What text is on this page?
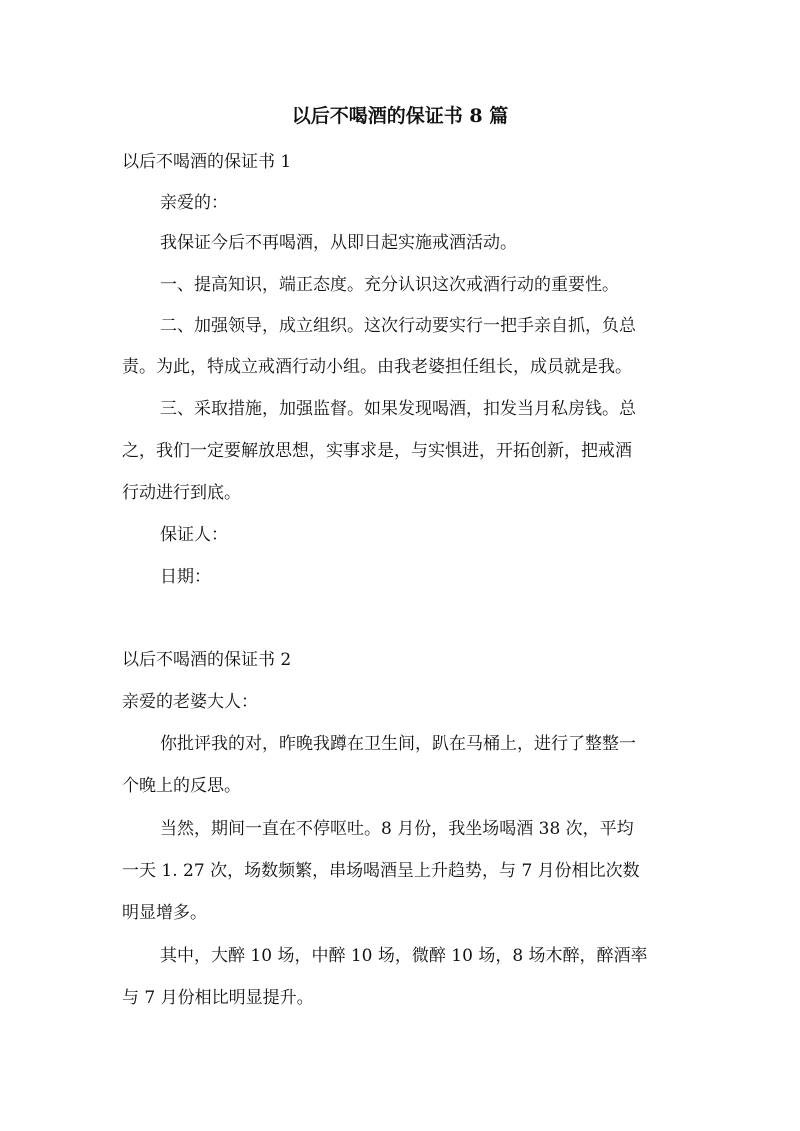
以后不喝酒的保证书 8 篇

以后不喝酒的保证书 1

亲爱的：

我保证今后不再喝酒，从即日起实施戒酒活动。

一、提高知识，端正态度。充分认识这次戒酒行动的重要性。

二、加强领导，成立组织。这次行动要实行一把手亲自抓，负总

责。为此，特成立戒酒行动小组。由我老婆担任组长，成员就是我。

三、采取措施，加强监督。如果发现喝酒，扣发当月私房钱。总

之，我们一定要解放思想，实事求是，与实惧进，开拓创新，把戒酒

行动进行到底。

保证人：

日期：

以后不喝酒的保证书 2

亲爱的老婆大人：

你批评我的对，昨晚我蹲在卫生间，趴在马桶上，进行了整整一

个晚上的反思。

当然，期间一直在不停呕吐。8 月份，我坐场喝酒 38 次，平均

一天 1. 27 次，场数频繁，串场喝酒呈上升趋势，与 7 月份相比次数

明显增多。

其中，大醉 10 场，中醉 10 场，微醉 10 场，8 场木醉，醉酒率

与 7 月份相比明显提升。
